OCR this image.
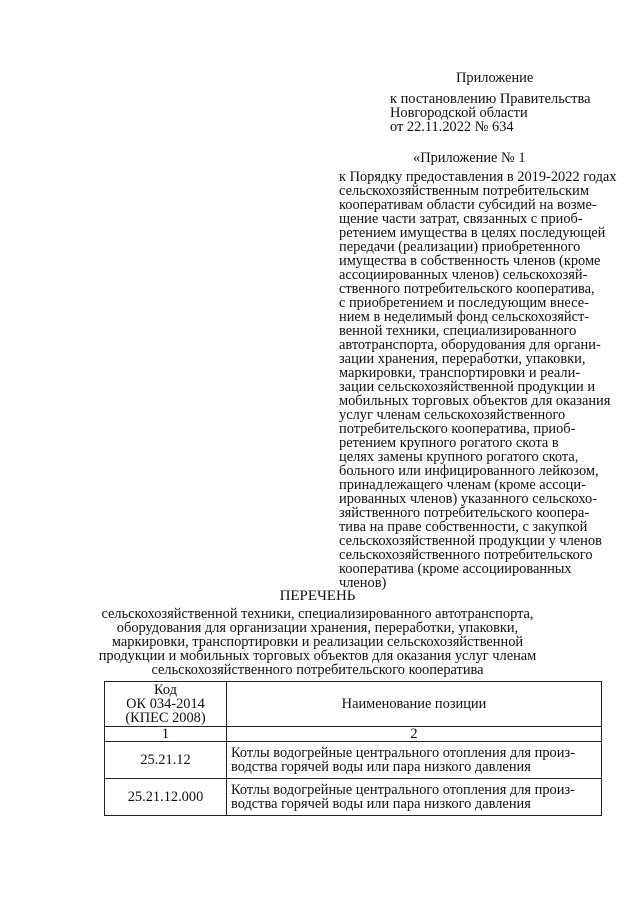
Приложение
к постановлению Правительства
Новгородской области
от 22.11.2022 № 634
«Приложение № 1
к Порядку предоставления в 2019-2022 годах
сельскохозяйственным потребительским
кооперативам области субсидий на возме-
щение части затрат, связанных с приоб-
ретением имущества в целях последующей
передачи (реализации) приобретенного
имущества в собственность членов (кроме
ассоциированных членов) сельскохозяй-
ственного потребительского кооператива,
с приобретением и последующим внесе-
нием в неделимый фонд сельскохозяйст-
венной техники, специализированного
автотранспорта, оборудования для органи-
зации хранения, переработки, упаковки,
маркировки, транспортировки и реали-
зации сельскохозяйственной продукции и
мобильных торговых объектов для оказания
услуг членам сельскохозяйственного
потребительского кооператива, приоб-
ретением крупного рогатого скота в
целях замены крупного рогатого скота,
больного или инфицированного лейкозом,
принадлежащего членам (кроме ассоци-
ированных членов) указанного сельскохо-
зяйственного потребительского коопера-
тива на праве собственности, с закупкой
сельскохозяйственной продукции у членов
сельскохозяйственного потребительского
кооператива (кроме ассоциированных
членов)
ПЕРЕЧЕНЬ
сельскохозяйственной техники, специализированного автотранспорта,
оборудования для организации хранения, переработки, упаковки,
маркировки, транспортировки и реализации сельскохозяйственной
продукции и мобильных торговых объектов для оказания услуг членам
сельскохозяйственного потребительского кооператива
Код
ОК 034-2014
(КПЕС 2008)	Наименование позиции
1	2
25.21.12	Котлы водогрейные центрального отопления для произ-
водства горячей воды или пара низкого давления

25.21.12.000	Котлы водогрейные центрального отопления для произ-
водства горячей воды или пара низкого давления
